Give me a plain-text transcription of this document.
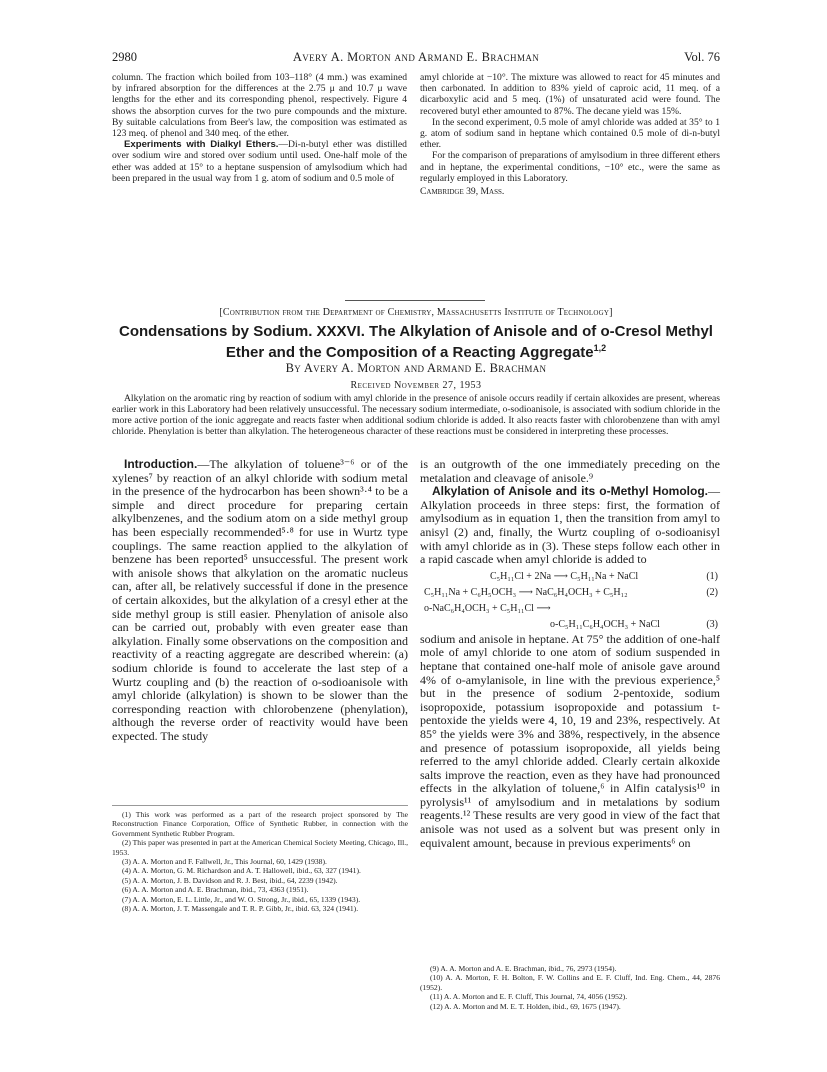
2980	Avery A. Morton and Armand E. Brachman	Vol. 76

column. The fraction which boiled from 103–118° (4 mm.) was examined by infrared absorption for the differences at the 2.75 μ and 10.7 μ wave lengths for the ether and its corresponding phenol, respectively. Figure 4 shows the absorption curves for the two pure compounds and the mixture. By suitable calculations from Beer's law, the composition was estimated as 123 meq. of phenol and 340 meq. of the ether.

Experiments with Dialkyl Ethers.—Di-n-butyl ether was distilled over sodium wire and stored over sodium until used. One-half mole of the ether was added at 15° to a heptane suspension of amylsodium which had been prepared in the usual way from 1 g. atom of sodium and 0.5 mole of

amyl chloride at −10°. The mixture was allowed to react for 45 minutes and then carbonated. In addition to 83% yield of caproic acid, 11 meq. of a dicarboxylic acid and 5 meq. (1%) of unsaturated acid were found. The recovered butyl ether amounted to 87%. The decane yield was 15%.

In the second experiment, 0.5 mole of amyl chloride was added at 35° to 1 g. atom of sodium sand in heptane which contained 0.5 mole of di-n-butyl ether.

For the comparison of preparations of amylsodium in three different ethers and in heptane, the experimental conditions, −10° etc., were the same as regularly employed in this Laboratory.

Cambridge 39, Mass.

[Contribution from the Department of Chemistry, Massachusetts Institute of Technology]
Condensations by Sodium. XXXVI. The Alkylation of Anisole and of o-Cresol Methyl
Ether and the Composition of a Reacting Aggregate$^{1,2}$
By Avery A. Morton and Armand E. Brachman
Received November 27, 1953

Alkylation on the aromatic ring by reaction of sodium with amyl chloride in the presence of anisole occurs readily if certain alkoxides are present, whereas earlier work in this Laboratory had been relatively unsuccessful. The necessary sodium intermediate, o-sodioanisole, is associated with sodium chloride in the more active portion of the ionic aggregate and reacts faster when additional sodium chloride is added. It also reacts faster with chlorobenzene than with amyl chloride. Phenylation is better than alkylation. The heterogeneous character of these reactions must be considered in interpreting these processes.

Introduction.—The alkylation of toluene³⁻⁶ or of the xylenes⁷ by reaction of an alkyl chloride with sodium metal in the presence of the hydrocarbon has been shown³·⁴ to be a simple and direct procedure for preparing certain alkylbenzenes, and the sodium atom on a side methyl group has been especially recommended⁵·⁸ for use in Wurtz type couplings. The same reaction applied to the alkylation of benzene has been reported⁵ unsuccessful. The present work with anisole shows that alkylation on the aromatic nucleus can, after all, be relatively successful if done in the presence of certain alkoxides, but the alkylation of a cresyl ether at the side methyl group is still easier. Phenylation of anisole also can be carried out, probably with even greater ease than alkylation. Finally some observations on the composition and reactivity of a reacting aggregate are described wherein: (a) sodium chloride is found to accelerate the last step of a Wurtz coupling and (b) the reaction of o-sodioanisole with amyl chloride (alkylation) is shown to be slower than the corresponding reaction with chlorobenzene (phenylation), although the reverse order of reactivity would have been expected. The study

(1) This work was performed as a part of the research project sponsored by The Reconstruction Finance Corporation, Office of Synthetic Rubber, in connection with the Government Synthetic Rubber Program.

(2) This paper was presented in part at the American Chemical Society Meeting, Chicago, Ill., 1953.

(3) A. A. Morton and F. Fallwell, Jr., This Journal, 60, 1429 (1938).

(4) A. A. Morton, G. M. Richardson and A. T. Hallowell, ibid., 63, 327 (1941).

(5) A. A. Morton, J. B. Davidson and R. J. Best, ibid., 64, 2239 (1942).

(6) A. A. Morton and A. E. Brachman, ibid., 73, 4363 (1951).

(7) A. A. Morton, E. L. Little, Jr., and W. O. Strong, Jr., ibid., 65, 1339 (1943).

(8) A. A. Morton, J. T. Massengale and T. R. P. Gibb, Jr., ibid. 63, 324 (1941).

is an outgrowth of the one immediately preceding on the metalation and cleavage of anisole.⁹

Alkylation of Anisole and its o-Methyl Homolog.—Alkylation proceeds in three steps: first, the formation of amylsodium as in equation 1, then the transition from amyl to anisyl (2) and, finally, the Wurtz coupling of o-sodioanisyl with amyl chloride as in (3). These steps follow each other in a rapid cascade when amyl chloride is added to

C₅H₁₁Cl + 2Na ⟶ C₅H₁₁Na + NaCl	(1)
C₅H₁₁Na + C₆H₅OCH₃ ⟶ NaC₆H₄OCH₃ + C₅H₁₂	(2)
o-NaC₆H₄OCH₃ + C₅H₁₁Cl ⟶
o-C₅H₁₁C₆H₄OCH₃ + NaCl	(3)

sodium and anisole in heptane. At 75° the addition of one-half mole of amyl chloride to one atom of sodium suspended in heptane that contained one-half mole of anisole gave around 4% of o-amylanisole, in line with the previous experience,⁵ but in the presence of sodium 2-pentoxide, sodium isopropoxide, potassium isopropoxide and potassium t-pentoxide the yields were 4, 10, 19 and 23%, respectively. At 85° the yields were 3% and 38%, respectively, in the absence and presence of potassium isopropoxide, all yields being referred to the amyl chloride added. Clearly certain alkoxide salts improve the reaction, even as they have had pronounced effects in the alkylation of toluene,⁶ in Alfin catalysis¹⁰ in pyrolysis¹¹ of amylsodium and in metalations by sodium reagents.¹² These results are very good in view of the fact that anisole was not used as a solvent but was present only in equivalent amount, because in previous experiments⁶ on

(9) A. A. Morton and A. E. Brachman, ibid., 76, 2973 (1954).

(10) A. A. Morton, F. H. Bolton, F. W. Collins and E. F. Cluff, Ind. Eng. Chem., 44, 2876 (1952).

(11) A. A. Morton and E. F. Cluff, This Journal, 74, 4056 (1952).

(12) A. A. Morton and M. E. T. Holden, ibid., 69, 1675 (1947).
